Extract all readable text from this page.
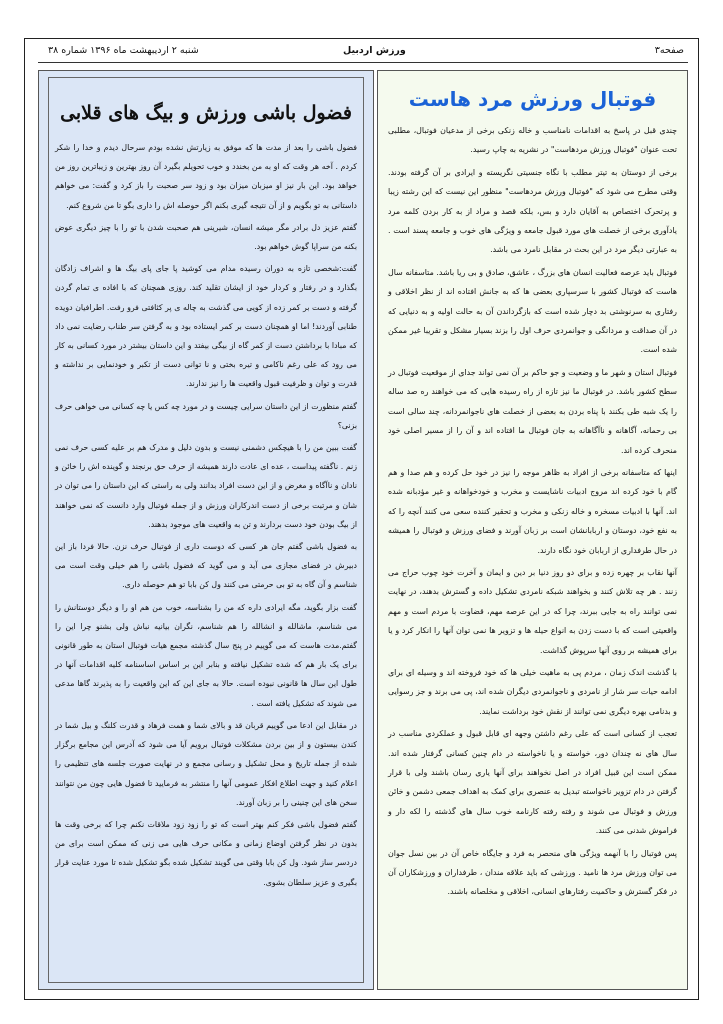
صفحه۳
ورزش اردبیل
شنبه ۲ اردیبهشت ماه ۱۳۹۶ شماره ۳۸
فوتبال ورزش مرد هاست

چندی قبل در پاسخ به اقدامات نامناسب و خاله زنکی برخی از مدعیان فوتبال، مطلبی تحت عنوان "فوتبال ورزش مردهاست" در نشریه به چاپ رسید.

برخی از دوستان به تیتر مطلب با نگاه جنسیتی نگریسته و ایرادی بر آن گرفته بودند. وقتی مطرح می شود که "فوتبال ورزش مردهاست" منظور این نیست که این رشته زیبا و پرتحرک اختصاص به آقایان دارد و بس، بلکه قصد و مراد از به کار بردن کلمه مرد یادآوری برخی از خصلت های مورد قبول جامعه و ویژگی های خوب و جامعه پسند است . به عبارتی دیگر مرد در این بحث در مقابل نامرد می باشد.

فوتبال باید عرصه فعالیت انسان های بزرگ ، عاشق، صادق و بی ریا باشد. متاسفانه سال هاست که فوتبال کشور با سرسپاری بعضی ها که به جانش افتاده اند از نظر اخلاقی و رفتاری به سرنوشتی بد دچار شده است که بازگرداندن آن به حالت اولیه و به دنیایی که در آن صداقت و مردانگی و جوانمردی حرف اول را بزند بسیار مشکل و تقریبا غیر ممکن شده است.

فوتبال استان و شهر ما و وضعیت و جو حاکم بر آن نمی تواند جدای از موقعیت فوتبال در سطح کشور باشد. در فوتبال ما نیز تازه از راه رسیده هایی که می خواهند ره صد ساله را یک شبه طی بکنند با پناه بردن به بعضی از خصلت های ناجوانمردانه، چند سالی است بی رحمانه، آگاهانه و ناآگاهانه به جان فوتبال ما افتاده اند و آن را از مسیر اصلی خود منحرف کرده اند.

اینها که متاسفانه برخی از افراد به ظاهر موجه را نیز در خود حل کرده و هم صدا و هم گام با خود کرده اند مروج ادبیات ناشایست و مخرب و خودخواهانه و غیر مؤدبانه شده اند. آنها با ادبیات مسخره و خاله زنکی و مخرب و تحقیر کننده سعی می کنند آنچه را که به نفع خود، دوستان و اربابانشان است بر زبان آورند و فضای ورزش و فوتبال را همیشه در حال طرفداری از اربابان خود نگاه دارند.

آنها نقاب بر چهره زده و برای دو روز دنیا بر دین و ایمان و آخرت خود چوب حراج می زنند . هر چه تلاش کنند و بخواهند شبکه نامردی تشکیل داده و گسترش بدهند، در نهایت نمی توانند راه به جایی ببرند، چرا که در این عرصه مهم، قضاوت با مردم است و مهم واقعیتی است که با دست زدن به انواع حیله ها و تزویر ها نمی توان آنها را انکار کرد و یا برای همیشه بر روی آنها سرپوش گذاشت.

با گذشت اندک زمان ، مردم پی به ماهیت خیلی ها که خود فروخته اند و وسیله ای برای ادامه حیات سر شار از نامردی و ناجوانمردی دیگران شده اند، پی می برند و جز رسوایی و بدنامی بهره دیگری نمی توانند از نقش خود برداشت نمایند.

تعجب از کسانی است که علی رغم داشتن وجهه ای قابل قبول و عملکردی مناسب در سال های نه چندان دور، خواسته و یا ناخواسته در دام چنین کسانی گرفتار شده اند. ممکن است این قبیل افراد در اصل نخواهند برای آنها یاری رسان باشند ولی با قرار گرفتن در دام تزویر ناخواسته تبدیل به عنصری برای کمک به اهداف جمعی دشمن و خائن ورزش و فوتبال می شوند و رفته رفته کارنامه خوب سال های گذشته را لکه دار و فراموش شدنی می کنند.

پس فوتبال را با آنهمه ویژگی های منحصر به فرد و جایگاه خاص آن در بین نسل جوان می توان ورزش مرد ها نامید . ورزشی که باید علاقه مندان ، طرفداران و ورزشکاران آن در فکر گسترش و حاکمیت رفتارهای انسانی، اخلاقی و مخلصانه باشند.

فضول باشی ورزش و بیگ های قلابی

فضول باشی را بعد از مدت ها که موفق به زیارتش نشده بودم سرحال دیدم و خدا را شکر کردم . آخه هر وقت که او به من بخندد و خوب تحویلم بگیرد آن روز بهترین و زیباترین روز من خواهد بود. این بار نیز او میزبان میزان بود و زود سر صحبت را باز کرد و گفت: می خواهم داستانی به تو بگویم و از آن نتیجه گیری بکنم اگر حوصله اش را داری بگو تا من شروع کنم.

گفتم عزیز دل برادر مگر میشه انسان، شیرینی هم صحبت شدن با تو را با چیز دیگری عوض بکنه من سراپا گوش خواهم بود.

گفت:شخصی تازه به دوران رسیده مدام می کوشید پا جای پای بیگ ها و اشراف زادگان بگذارد و در رفتار و کردار خود از ایشان تقلید کند. روزی همچنان که با افاده ی تمام گردن گرفته و دست بر کمر زده از کویی می گذشت به چاله ی پر کثافتی فرو رفت. اطرافیان دویده طنابی آوردند! اما او همچنان دست بر کمر ایستاده بود و به گرفتن سر طناب رضایت نمی داد که مبادا با برداشتن دست از کمر گاه از بیگی بیفتد و این داستان بیشتر در مورد کسانی به کار می رود که علی رغم ناکامی و تیره بختی و نا توانی دست از تکبر و خودنمایی بر نداشته و قدرت و توان و ظرفیت قبول واقعیت ها را نیز ندارند.

گفتم منظورت از این داستان سرایی چیست و در مورد چه کس یا چه کسانی می خواهی حرف بزنی؟

گفت ببین من را با هیچکس دشمنی نیست و بدون دلیل و مدرک هم بر علیه کسی حرف نمی زنم . ناگفته پیداست ، عده ای عادت دارند همیشه از حرف حق برنجند و گوینده اش را خائن و نادان و ناآگاه و مغرض و از این دست افراد بدانند ولی به راستی که این داستان را می توان در شان و مرتبت برخی از دست اندرکاران ورزش و از جمله فوتبال وارد دانست که نمی خواهند از بیگ بودن خود دست بردارند و تن به واقعیت های موجود بدهند.

به فضول باشی گفتم جان هر کسی که دوست داری از فوتبال حرف نزن. حالا فردا باز این دبیرش در فضای مجازی می آید و می گوید که فضول باشی را هم خیلی وقت است می شناسم و آن گاه به تو بی حرمتی می کنند ول کن بابا تو هم حوصله داری.

گفت بزار بگوید، مگه ایرادی داره که من را بشناسه، خوب من هم او را و دیگر دوستانش را می شناسم، ماشالله و انشالله را هم شناسم، نگران بیانیه نباش ولی بشنو چرا این را گفتم.مدت هاست که می گوییم در پنج سال گذشته مجمع هیات فوتبال استان به طور قانونی برای یک بار هم که شده تشکیل نیافته و بنابر این بر اساس اساسنامه کلیه اقدامات آنها در طول این سال ها قانونی نبوده است. حالا به جای این که این واقعیت را به پذیرند گاها مدعی می شوند که تشکیل یافته است .

در مقابل این ادعا می گوییم قربان قد و بالای شما و همت فرهاد و قدرت کلنگ و بیل شما در کندن بیستون و از بین بردن مشکلات فوتبال برویم آیا می شود که آدرس این مجامع برگزار شده از جمله تاریخ و محل تشکیل و رسانی مجمع و در نهایت صورت جلسه های تنظیمی را اعلام کنید و جهت اطلاع افکار عمومی آنها را منتشر به فرمایید تا فضول هایی چون من نتوانند سخن های این چنینی را بر زبان آورند.

گفتم فضول باشی فکر کنم بهتر است که تو را زود زود ملاقات نکنم چرا که برخی وقت ها بدون در نظر گرفتن اوضاع زمانی و مکانی حرف هایی می زنی که ممکن است برای من دردسر ساز شود. ول کن بابا وقتی می گویند تشکیل شده بگو تشکیل شده تا مورد عنایت قرار بگیری و عزیز سلطان بشوی.
